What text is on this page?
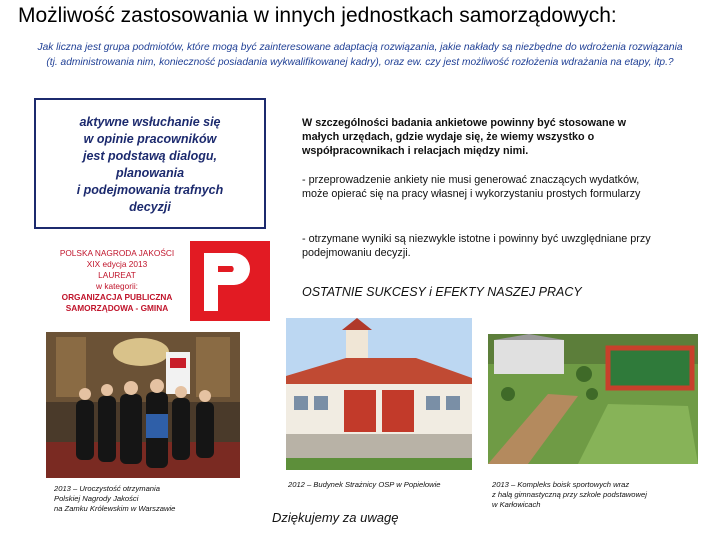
Możliwość zastosowania w innych jednostkach samorządowych:
Jak liczna jest grupa podmiotów, które mogą być zainteresowane adaptacją rozwiązania, jakie nakłady są niezbędne do wdrożenia rozwiązania
(tj. administrowania nim, konieczność posiadania wykwalifikowanej kadry), oraz ew. czy jest możliwość rozłożenia wdrażania na etapy, itp.?
aktywne wsłuchanie się
w opinie pracowników
jest podstawą dialogu,
planowania
i podejmowania trafnych
decyzji
POLSKA NAGRODA JAKOŚCI
XIX edycja 2013
LAUREAT
w kategorii:
ORGANIZACJA PUBLICZNA
SAMORZĄDOWA - GMINA
W szczególności badania ankietowe powinny być stosowane w małych urzędach, gdzie wydaje się, że wiemy wszystko o współpracownikach i relacjach między nimi.
- przeprowadzenie ankiety nie musi generować znaczących wydatków, może opierać się na pracy własnej i wykorzystaniu prostych formularzy
- otrzymane wyniki są niezwykle istotne i powinny być uwzględniane przy podejmowaniu decyzji.
OSTATNIE SUKCESY i EFEKTY NASZEJ PRACY
2013 – Uroczystość otrzymania
Polskiej Nagrody Jakości
na Zamku Królewskim w Warszawie
2012 – Budynek Strażnicy OSP w Popielowie	2013 – Kompleks boisk sportowych wraz
z halą gimnastyczną przy szkole podstawowej
w Karłowicach
Dziękujemy za uwagę
